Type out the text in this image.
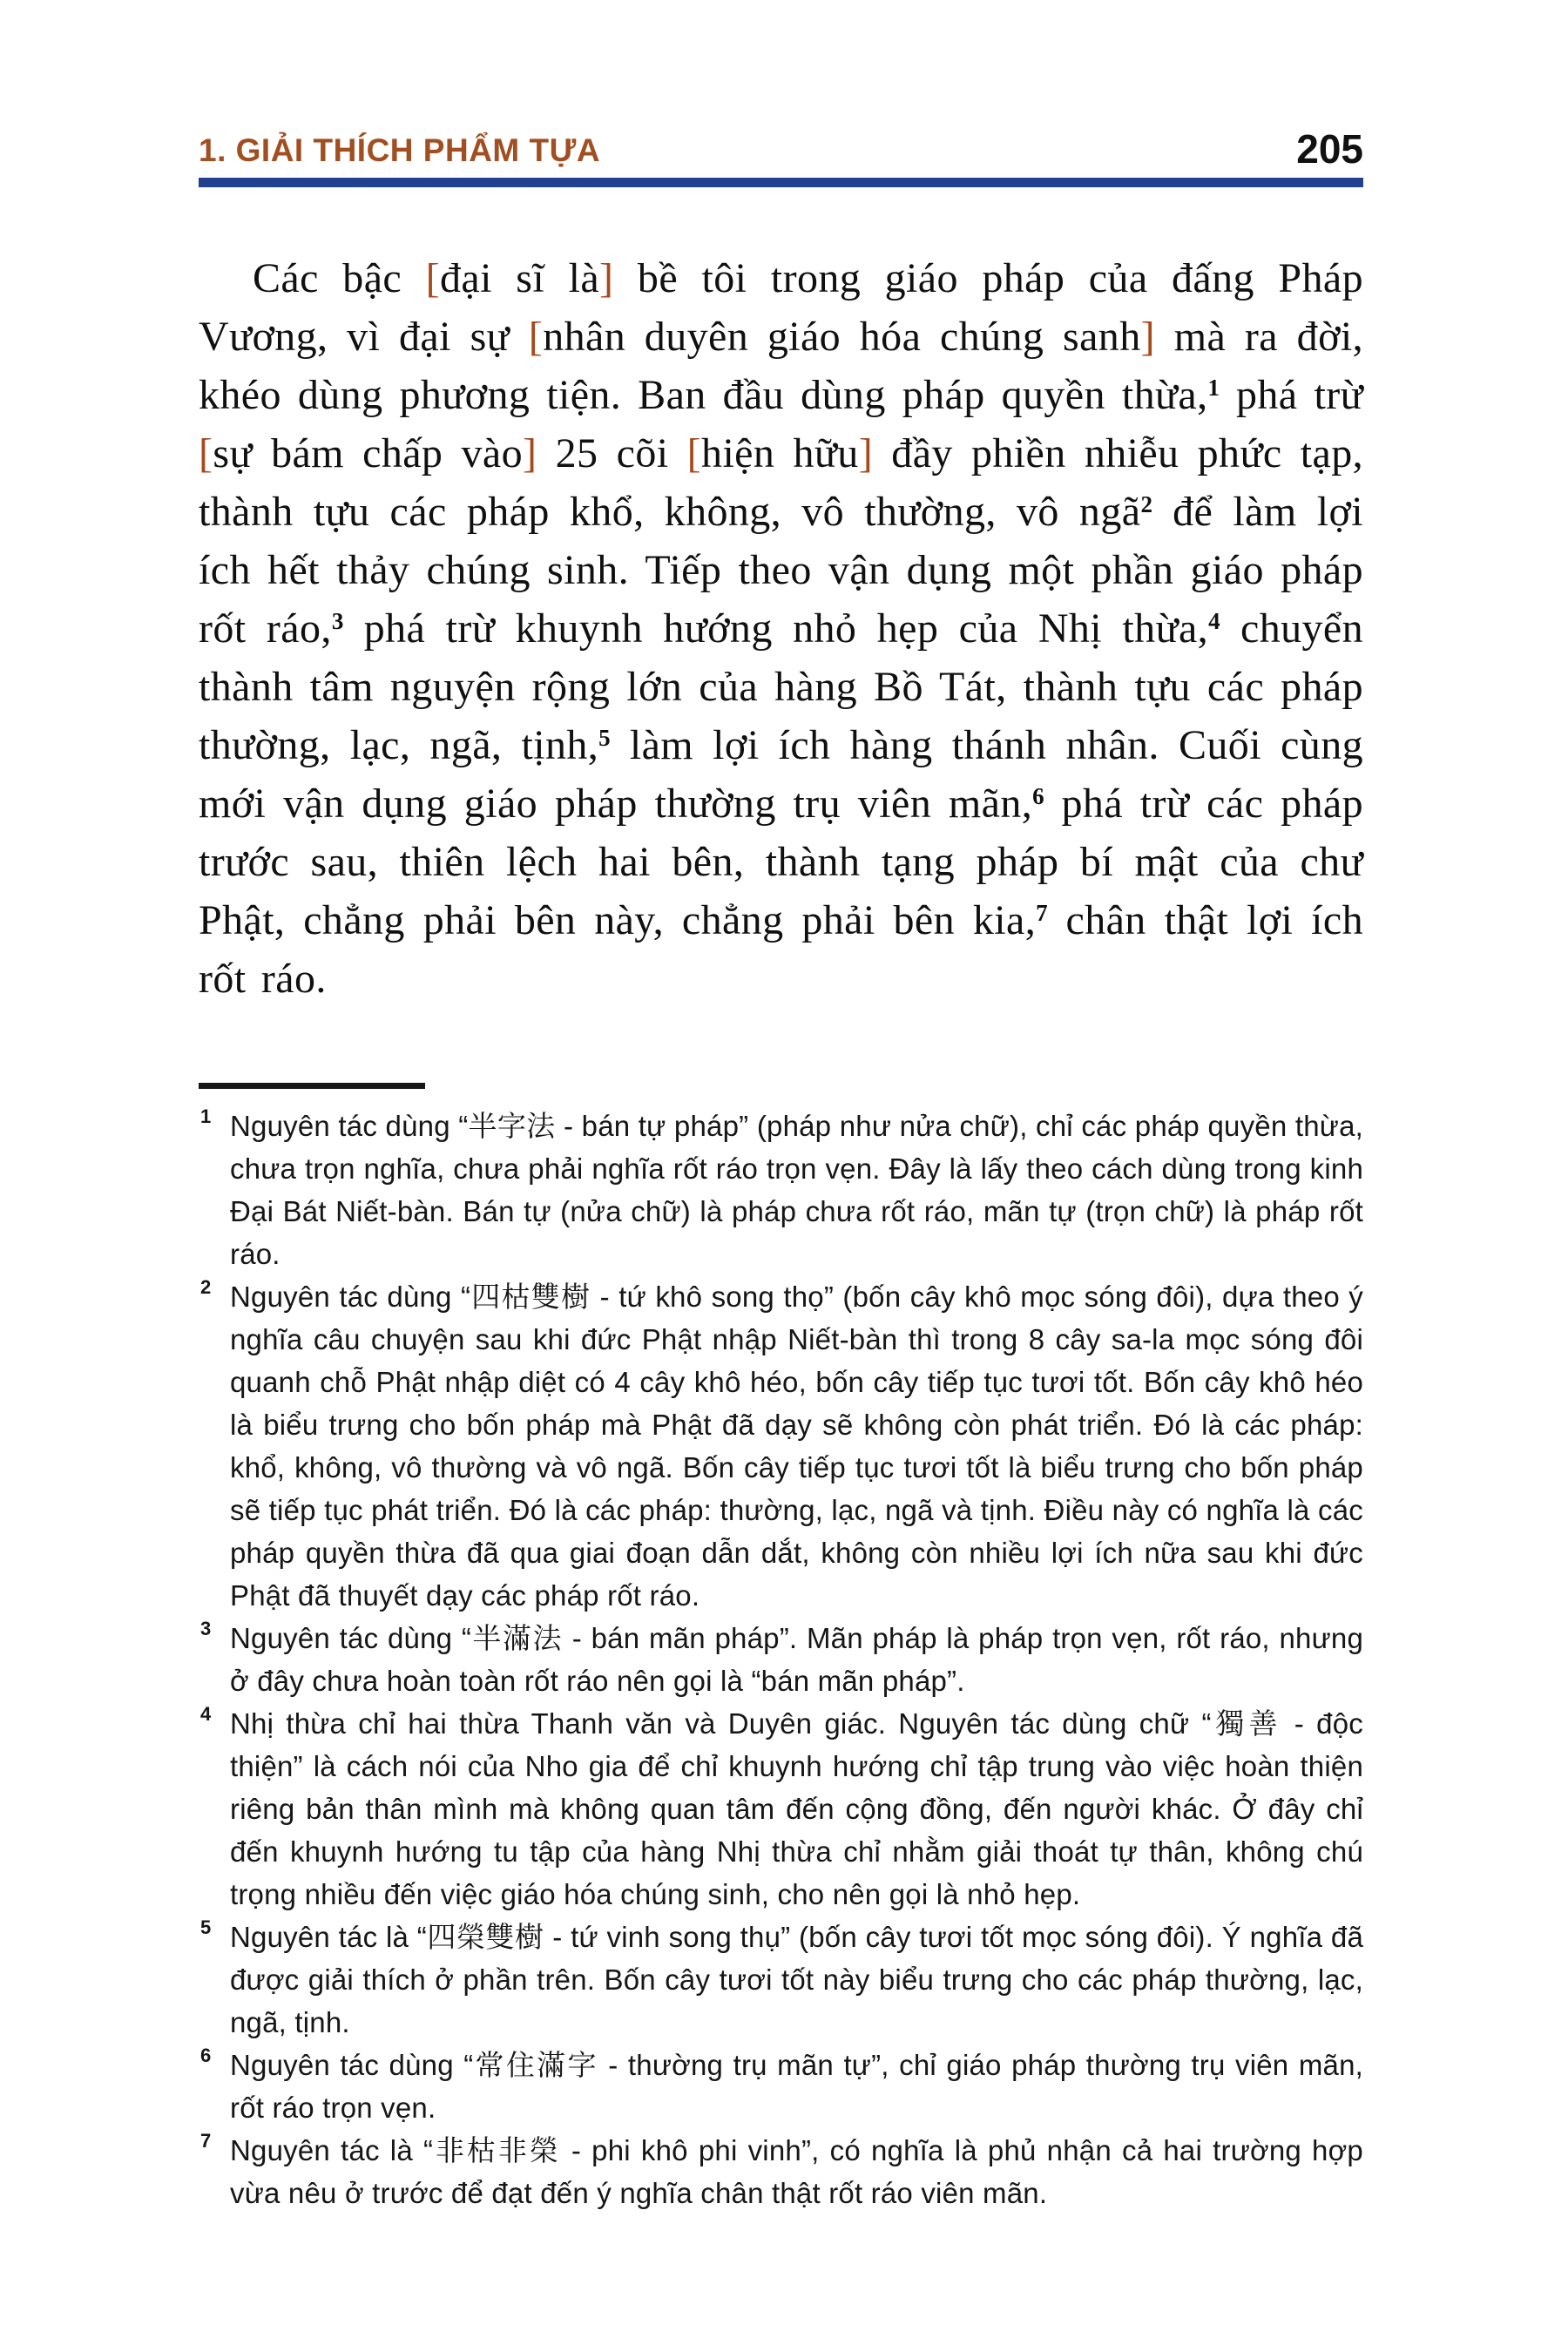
1. GIẢI THÍCH PHẨM TỰA	205

Các bậc [đại sĩ là] bề tôi trong giáo pháp của đấng Pháp Vương, vì đại sự [nhân duyên giáo hóa chúng sanh] mà ra đời, khéo dùng phương tiện. Ban đầu dùng pháp quyền thừa,$^1$ phá trừ [sự bám chấp vào] 25 cõi [hiện hữu] đầy phiền nhiễu phức tạp, thành tựu các pháp khổ, không, vô thường, vô ngã$^2$ để làm lợi ích hết thảy chúng sinh. Tiếp theo vận dụng một phần giáo pháp rốt ráo,$^3$ phá trừ khuynh hướng nhỏ hẹp của Nhị thừa,$^4$ chuyển thành tâm nguyện rộng lớn của hàng Bồ Tát, thành tựu các pháp thường, lạc, ngã, tịnh,$^5$ làm lợi ích hàng thánh nhân. Cuối cùng mới vận dụng giáo pháp thường trụ viên mãn,$^6$ phá trừ các pháp trước sau, thiên lệch hai bên, thành tạng pháp bí mật của chư Phật, chẳng phải bên này, chẳng phải bên kia,$^7$ chân thật lợi ích rốt ráo.

1 Nguyên tác dùng “半字法 - bán tự pháp” (pháp như nửa chữ), chỉ các pháp quyền thừa, chưa trọn nghĩa, chưa phải nghĩa rốt ráo trọn vẹn. Đây là lấy theo cách dùng trong kinh Đại Bát Niết-bàn. Bán tự (nửa chữ) là pháp chưa rốt ráo, mãn tự (trọn chữ) là pháp rốt ráo.
2 Nguyên tác dùng “四枯雙樹 - tứ khô song thọ” (bốn cây khô mọc sóng đôi), dựa theo ý nghĩa câu chuyện sau khi đức Phật nhập Niết-bàn thì trong 8 cây sa-la mọc sóng đôi quanh chỗ Phật nhập diệt có 4 cây khô héo, bốn cây tiếp tục tươi tốt. Bốn cây khô héo là biểu trưng cho bốn pháp mà Phật đã dạy sẽ không còn phát triển. Đó là các pháp: khổ, không, vô thường và vô ngã. Bốn cây tiếp tục tươi tốt là biểu trưng cho bốn pháp sẽ tiếp tục phát triển. Đó là các pháp: thường, lạc, ngã và tịnh. Điều này có nghĩa là các pháp quyền thừa đã qua giai đoạn dẫn dắt, không còn nhiều lợi ích nữa sau khi đức Phật đã thuyết dạy các pháp rốt ráo.
3 Nguyên tác dùng “半滿法 - bán mãn pháp”. Mãn pháp là pháp trọn vẹn, rốt ráo, nhưng ở đây chưa hoàn toàn rốt ráo nên gọi là “bán mãn pháp”.
4 Nhị thừa chỉ hai thừa Thanh văn và Duyên giác. Nguyên tác dùng chữ “獨善 - độc thiện” là cách nói của Nho gia để chỉ khuynh hướng chỉ tập trung vào việc hoàn thiện riêng bản thân mình mà không quan tâm đến cộng đồng, đến người khác. Ở đây chỉ đến khuynh hướng tu tập của hàng Nhị thừa chỉ nhằm giải thoát tự thân, không chú trọng nhiều đến việc giáo hóa chúng sinh, cho nên gọi là nhỏ hẹp.
5 Nguyên tác là “四榮雙樹 - tứ vinh song thụ” (bốn cây tươi tốt mọc sóng đôi). Ý nghĩa đã được giải thích ở phần trên. Bốn cây tươi tốt này biểu trưng cho các pháp thường, lạc, ngã, tịnh.
6 Nguyên tác dùng “常住滿字 - thường trụ mãn tự”, chỉ giáo pháp thường trụ viên mãn, rốt ráo trọn vẹn.
7 Nguyên tác là “非枯非榮 - phi khô phi vinh”, có nghĩa là phủ nhận cả hai trường hợp vừa nêu ở trước để đạt đến ý nghĩa chân thật rốt ráo viên mãn.
